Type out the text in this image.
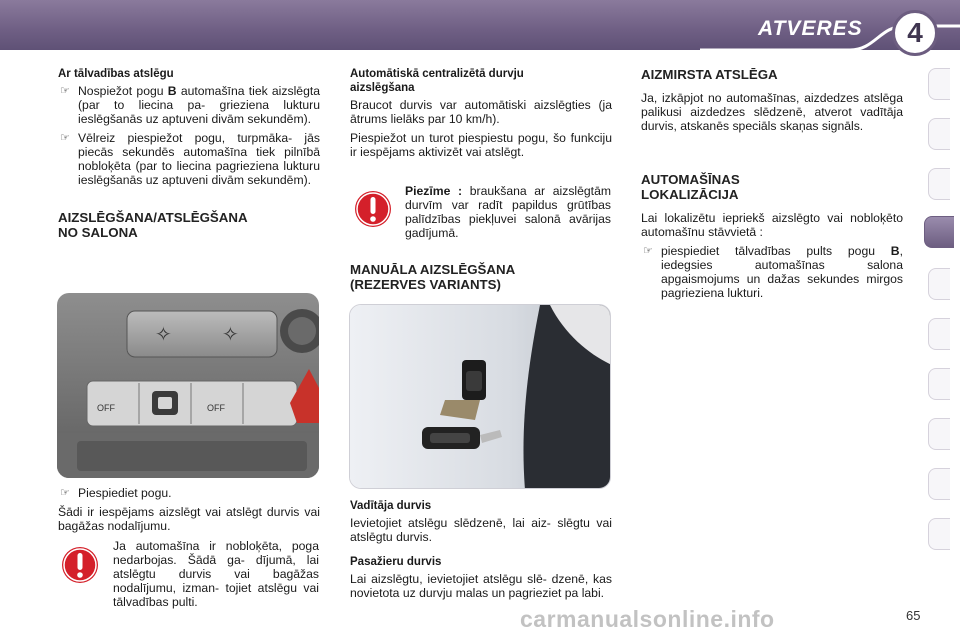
ATVERES	4
Ar tālvadības atslēgu
☞ Nospiežot pogu B automašīna tiek aizslēgta (par to liecina pa- griezienа lukturu ieslēgšanās uz aptuveni divām sekundēm).
☞ Vēlreiz piespiežot pogu, turpmāka- jās piecās sekundēs automašīna tiek pilnībā nobloķēta (par to liecina pagriezienа lukturu ieslēgšanās uz aptuveni divām sekundēm).
AIZSLĒGŠANA/ATSLĒGŠANA
NO SALONA
✧	✧
OFF	OFF
☞ Piespiediet pogu.

Šādi ir iespējams aizslēgt vai atslēgt durvis vai bagāžas nodalījumu.

Ja automašīna ir nobloķēta, poga nedarbojas. Šādā ga- dījumā, lai atslēgtu durvis vai bagāžas nodalījumu, izman- tojiet atslēgu vai tālvadības pulti.
Automātiskā centralizētā durvju
aizslēgšana

Braucot durvis var automātiski aizslēgties (ja ātrums lielāks par 10 km/h).

Piespiežot un turot piespiestu pogu, šo funkciju ir iespējams aktivizēt vai atslēgt.

Piezīme : braukšana ar aizslēgtām durvīm var radīt papildus grūtības palīdzības piekļuvei salonā avārijas gadījumā.
MANUĀLA AIZSLĒGŠANA
(REZERVES VARIANTS)
Vadītāja durvis

Ievietojiet atslēgu slēdzenē, lai aiz- slēgtu vai atslēgtu durvis.

Pasažieru durvis

Lai aizslēgtu, ievietojiet atslēgu slē- dzenē, kas novietota uz durvju malas un pagrieziet pa labi.

AIZMIRSTA ATSLĒGA

Ja, izkāpjot no automašīnas, aizdedzes atslēga palikusi aizdedzes slēdzenē, atverot vadītāja durvis, atskanēs speciāls skaņas signāls.

AUTOMAŠĪNAS
LOKALIZĀCIJA

Lai lokalizētu iepriekš aizslēgto vai nobloķēto automašīnu stāvvietā :

☞ piespiediet tālvadības pults pogu B, iedegsies automašīnas salona apgaismojums un dažas sekundes mirgos pagrieziena lukturi.
carmanualsonline.info	65
